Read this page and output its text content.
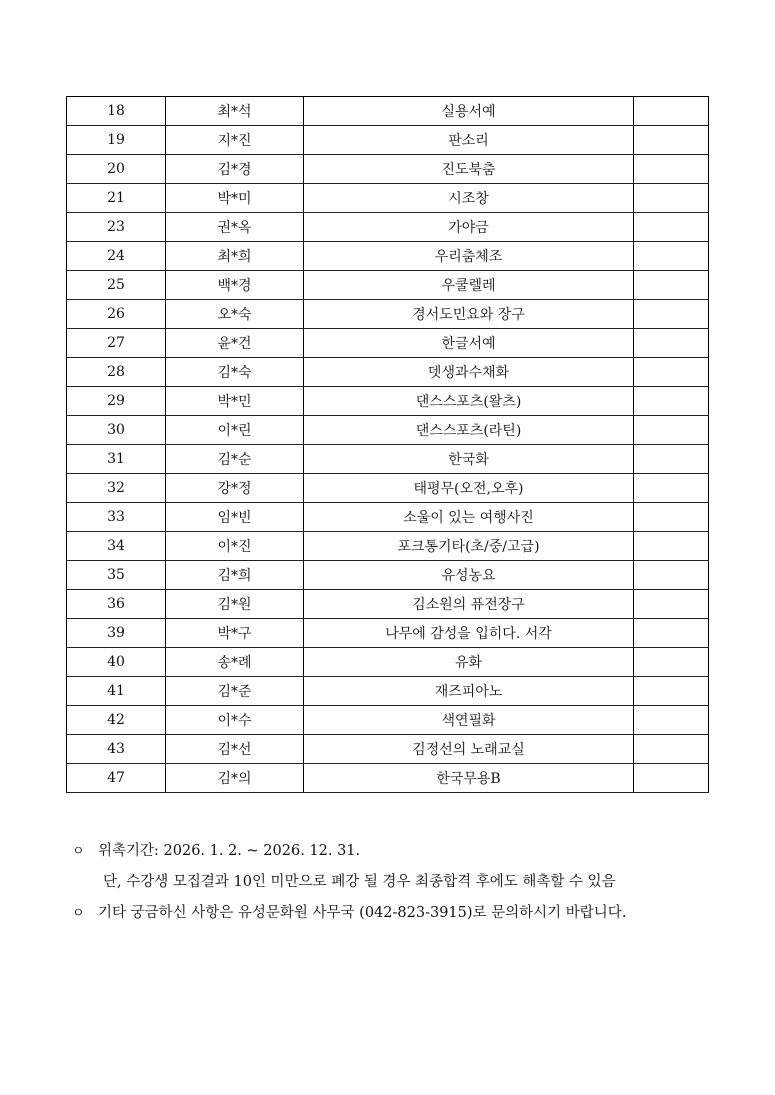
18	최*석	실용서예	
19	지*진	판소리	
20	김*경	진도북춤	
21	박*미	시조창	
23	권*옥	가야금	
24	최*희	우리춤체조	
25	백*경	우쿨렐레	
26	오*숙	경서도민요와 장구	
27	윤*건	한글서예	
28	김*숙	뎃생과수채화	
29	박*민	댄스스포츠(왈츠)	
30	이*린	댄스스포츠(라틴)	
31	김*순	한국화	
32	강*정	태평무(오전,오후)	
33	임*빈	소울이 있는 여행사진	
34	이*진	포크통기타(초/중/고급)	
35	김*희	유성농요	
36	김*원	김소원의 퓨전장구	
39	박*구	나무에 감성을 입히다. 서각	
40	송*례	유화	
41	김*준	재즈피아노	
42	이*수	색연필화	
43	김*선	김정선의 노래교실	
47	김*의	한국무용B	
ㅇ 위촉기간: 2026. 1. 2. ~ 2026. 12. 31.
단, 수강생 모집결과 10인 미만으로 폐강 될 경우 최종합격 후에도 해촉할 수 있음
ㅇ 기타 궁금하신 사항은 유성문화원 사무국 (042-823-3915)로 문의하시기 바랍니다.
